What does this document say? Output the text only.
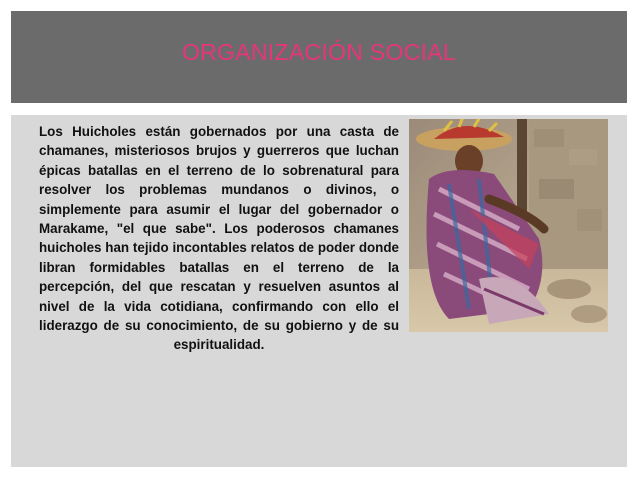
ORGANIZACIÓN SOCIAL
Los Huicholes están gobernados por una casta de chamanes, misteriosos brujos y guerreros que luchan épicas batallas en el terreno de lo sobrenatural para resolver los problemas mundanos o divinos, o simplemente para asumir el lugar del gobernador o Marakame, "el que sabe". Los poderosos chamanes huicholes han tejido incontables relatos de poder donde libran formidables batallas en el terreno de la percepción, del que rescatan y resuelven asuntos al nivel de la vida cotidiana, confirmando con ello el liderazgo de su conocimiento, de su gobierno y de su espiritualidad.
